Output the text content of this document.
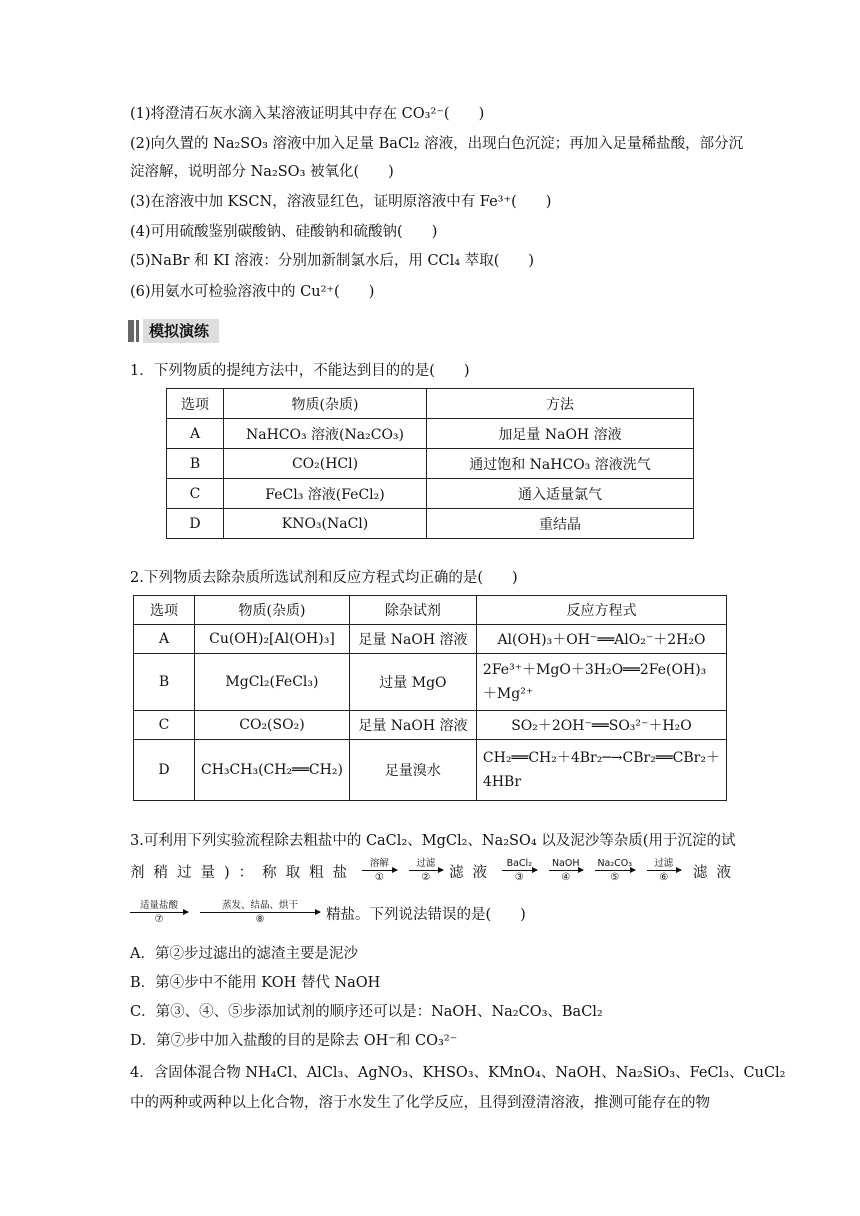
(1)将澄清石灰水滴入某溶液证明其中存在 CO₃²⁻(　　)
(2)向久置的 Na₂SO₃ 溶液中加入足量 BaCl₂ 溶液，出现白色沉淀；再加入足量稀盐酸，部分沉
淀溶解，说明部分 Na₂SO₃ 被氧化(　　)
(3)在溶液中加 KSCN，溶液显红色，证明原溶液中有 Fe³⁺(　　)
(4)可用硫酸鉴别碳酸钠、硅酸钠和硫酸钠(　　)
(5)NaBr 和 KI 溶液：分别加新制氯水后，用 CCl₄ 萃取(　　)
(6)用氨水可检验溶液中的 Cu²⁺(　　)
模拟演练
1．下列物质的提纯方法中，不能达到目的的是(　　)
选项	物质(杂质)	方法
A	NaHCO₃ 溶液(Na₂CO₃)	加足量 NaOH 溶液
B	CO₂(HCl)	通过饱和 NaHCO₃ 溶液洗气
C	FeCl₃ 溶液(FeCl₂)	通入适量氯气
D	KNO₃(NaCl)	重结晶
2.下列物质去除杂质所选试剂和反应方程式均正确的是(　　)
选项	物质(杂质)	除杂试剂	反应方程式
A	Cu(OH)₂[Al(OH)₃]	足量 NaOH 溶液	Al(OH)₃＋OH⁻══AlO₂⁻＋2H₂O
B	MgCl₂(FeCl₃)	过量 MgO	2Fe³⁺＋MgO＋3H₂O══2Fe(OH)₃＋Mg²⁺
C	CO₂(SO₂)	足量 NaOH 溶液	SO₂＋2OH⁻══SO₃²⁻＋H₂O
D	CH₃CH₃(CH₂══CH₂)	足量溴水	CH₂══CH₂＋4Br₂─→CBr₂══CBr₂＋4HBr
3.可利用下列实验流程除去粗盐中的 CaCl₂、MgCl₂、Na₂SO₄ 以及泥沙等杂质(用于沉淀的试
剂稍过量)：称取粗盐
溶解
①
过滤
②	滤液
BaCl₂
③
NaOH
④
Na₂CO₃
⑤
过滤
⑥	滤液
适量盐酸
⑦
蒸发、结晶、烘干
⑧	精盐。下列说法错误的是(　　)
A．第②步过滤出的滤渣主要是泥沙
B．第④步中不能用 KOH 替代 NaOH
C．第③、④、⑤步添加试剂的顺序还可以是：NaOH、Na₂CO₃、BaCl₂
D．第⑦步中加入盐酸的目的是除去 OH⁻和 CO₃²⁻
4．含固体混合物 NH₄Cl、AlCl₃、AgNO₃、KHSO₃、KMnO₄、NaOH、Na₂SiO₃、FeCl₃、CuCl₂
中的两种或两种以上化合物，溶于水发生了化学反应，且得到澄清溶液，推测可能存在的物
